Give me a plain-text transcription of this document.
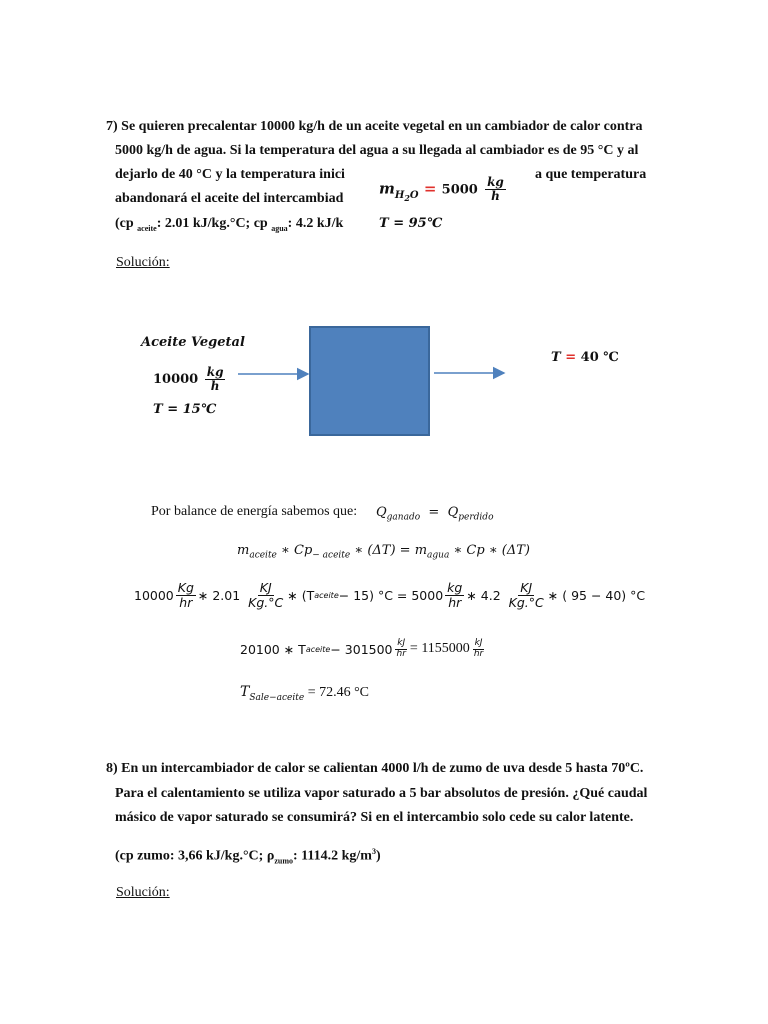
7) Se quieren precalentar 10000 kg/h de un aceite vegetal en un cambiador de calor contra
5000 kg/h de agua. Si la temperatura del agua a su llegada al cambiador es de 95 °C y al
dejarlo de 40 °C y la temperatura inici	a que temperatura
abandonará el aceite del intercambiad
(cp $_{aceite}$: 2.01 kJ/kg.°C; cp $_{agua}$: 4.2 kJ/k
$m_{H_2O} = 5000 \frac{kg}{h}$
T = 95℃
Solución:
Aceite Vegetal
$10000 \frac{kg}{h}$
T = 15℃
T = 40 ℃
Por balance de energía sabemos que: $Q_{ganado} = Q_{perdido}$
$m_{aceite}$ ∗ $Cp_{- aceite}$ ∗ $(\Delta T) = m_{agua}$ ∗ Cp ∗ (ΔT)
$10000 \frac{Kg}{hr}$ ∗ 2.01
$\frac{KJ}{Kg.^\circ C}$ ∗ (T aceite − 15) $^\circ C = 5000 \frac{kg}{hr}$ ∗ 4.2
$\frac{KJ}{Kg.^\circ C}$ ∗ ( 95 − 40) °C
20100 ∗ T aceite − $301500 \frac{kJ}{hr} = 1155000 \frac{kJ}{hr}$
$T_{Sale-aceite} = 72.46$ °C
8) En un intercambiador de calor se calientan 4000 l/h de zumo de uva desde 5 hasta 70ºC.
Para el calentamiento se utiliza vapor saturado a 5 bar absolutos de presión. ¿Qué caudal
másico de vapor saturado se consumirá? Si en el intercambio solo cede su calor latente.
(cp zumo: 3,66 kJ/kg.°C; $\rho_{zumo}$: 1114.2 $kg/m^3$)
Solución:
